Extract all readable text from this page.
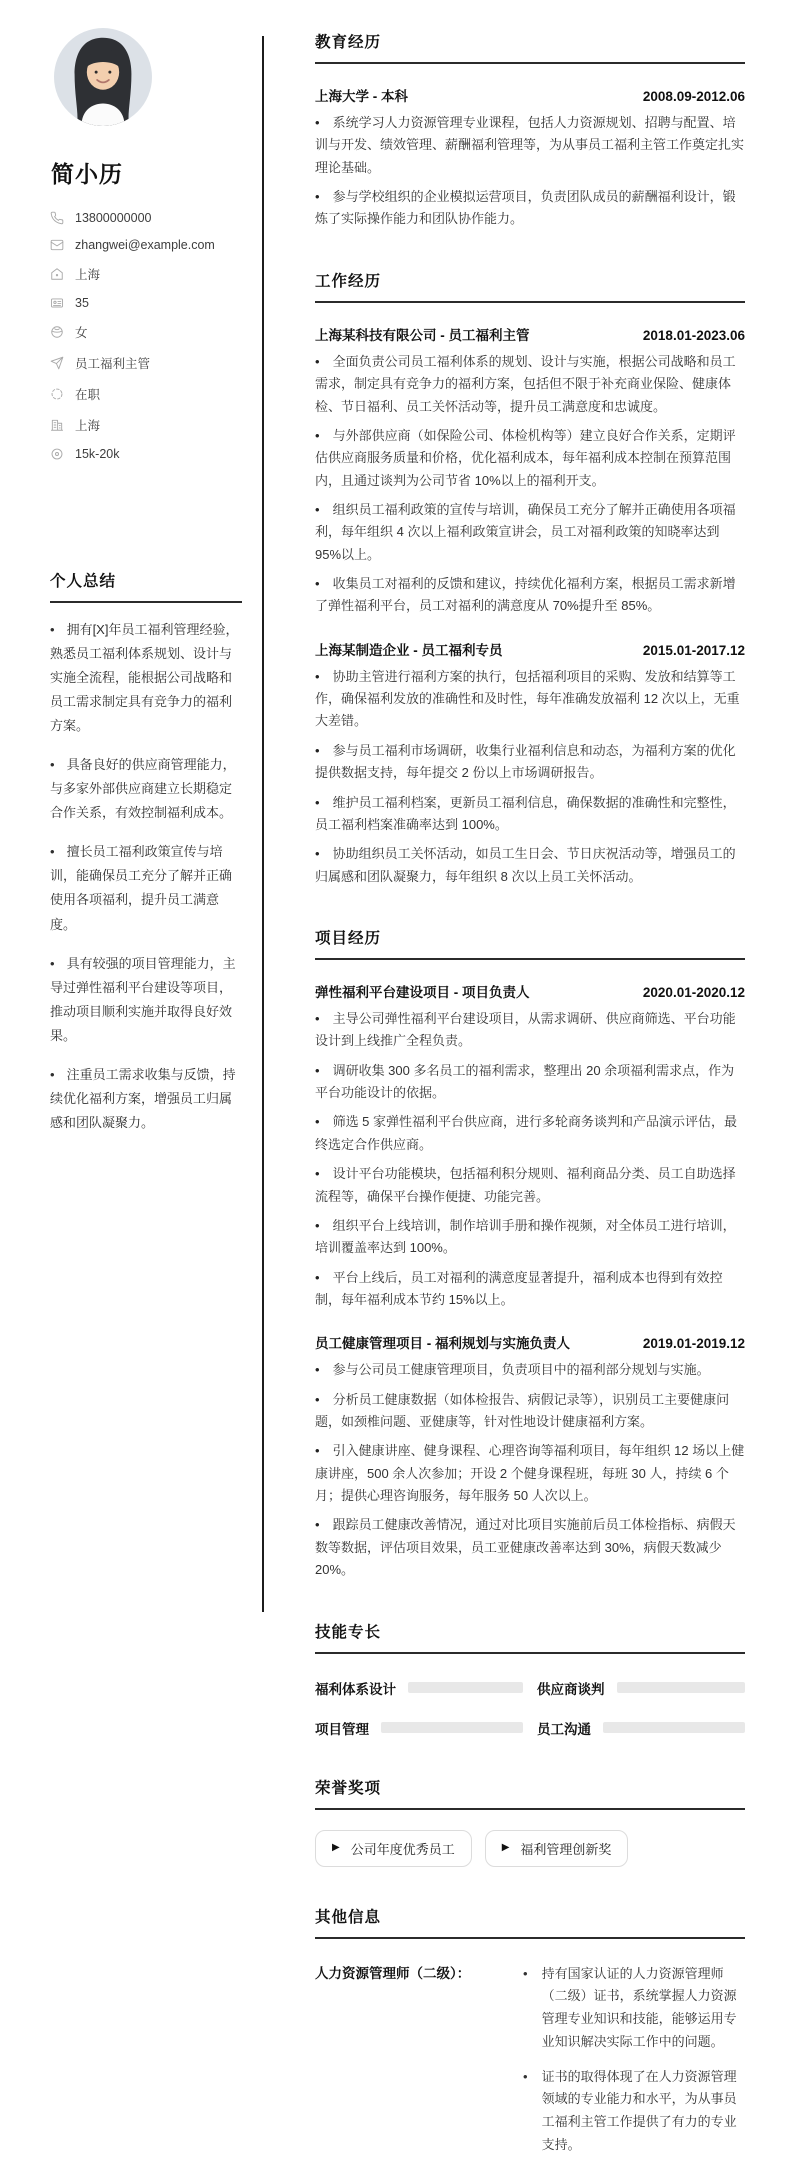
简小历
13800000000
zhangwei@example.com
上海
35
女
员工福利主管
在职
上海
15k-20k
个人总结
• 拥有[X]年员工福利管理经验，熟悉员工福利体系规划、设计与实施全流程，能根据公司战略和员工需求制定具有竞争力的福利方案。
• 具备良好的供应商管理能力，与多家外部供应商建立长期稳定合作关系，有效控制福利成本。
• 擅长员工福利政策宣传与培训，能确保员工充分了解并正确使用各项福利，提升员工满意度。
• 具有较强的项目管理能力，主导过弹性福利平台建设等项目，推动项目顺利实施并取得良好效果。
• 注重员工需求收集与反馈，持续优化福利方案，增强员工归属感和团队凝聚力。
教育经历
上海大学 - 本科	2008.09-2012.06
• 系统学习人力资源管理专业课程，包括人力资源规划、招聘与配置、培训与开发、绩效管理、薪酬福利管理等，为从事员工福利主管工作奠定扎实理论基础。
• 参与学校组织的企业模拟运营项目，负责团队成员的薪酬福利设计，锻炼了实际操作能力和团队协作能力。
工作经历
上海某科技有限公司 - 员工福利主管	2018.01-2023.06
• 全面负责公司员工福利体系的规划、设计与实施，根据公司战略和员工需求，制定具有竞争力的福利方案，包括但不限于补充商业保险、健康体检、节日福利、员工关怀活动等，提升员工满意度和忠诚度。
• 与外部供应商（如保险公司、体检机构等）建立良好合作关系，定期评估供应商服务质量和价格，优化福利成本，每年福利成本控制在预算范围内，且通过谈判为公司节省 10%以上的福利开支。
• 组织员工福利政策的宣传与培训，确保员工充分了解并正确使用各项福利，每年组织 4 次以上福利政策宣讲会，员工对福利政策的知晓率达到 95%以上。
• 收集员工对福利的反馈和建议，持续优化福利方案，根据员工需求新增了弹性福利平台，员工对福利的满意度从 70%提升至 85%。
上海某制造企业 - 员工福利专员	2015.01-2017.12
• 协助主管进行福利方案的执行，包括福利项目的采购、发放和结算等工作，确保福利发放的准确性和及时性，每年准确发放福利 12 次以上，无重大差错。
• 参与员工福利市场调研，收集行业福利信息和动态，为福利方案的优化提供数据支持，每年提交 2 份以上市场调研报告。
• 维护员工福利档案，更新员工福利信息，确保数据的准确性和完整性，员工福利档案准确率达到 100%。
• 协助组织员工关怀活动，如员工生日会、节日庆祝活动等，增强员工的归属感和团队凝聚力，每年组织 8 次以上员工关怀活动。
项目经历
弹性福利平台建设项目 - 项目负责人	2020.01-2020.12
• 主导公司弹性福利平台建设项目，从需求调研、供应商筛选、平台功能设计到上线推广全程负责。
• 调研收集 300 多名员工的福利需求，整理出 20 余项福利需求点，作为平台功能设计的依据。
• 筛选 5 家弹性福利平台供应商，进行多轮商务谈判和产品演示评估，最终选定合作供应商。
• 设计平台功能模块，包括福利积分规则、福利商品分类、员工自助选择流程等，确保平台操作便捷、功能完善。
• 组织平台上线培训，制作培训手册和操作视频，对全体员工进行培训，培训覆盖率达到 100%。
• 平台上线后，员工对福利的满意度显著提升，福利成本也得到有效控制，每年福利成本节约 15%以上。
员工健康管理项目 - 福利规划与实施负责人	2019.01-2019.12
• 参与公司员工健康管理项目，负责项目中的福利部分规划与实施。
• 分析员工健康数据（如体检报告、病假记录等），识别员工主要健康问题，如颈椎问题、亚健康等，针对性地设计健康福利方案。
• 引入健康讲座、健身课程、心理咨询等福利项目，每年组织 12 场以上健康讲座，500 余人次参加；开设 2 个健身课程班，每班 30 人，持续 6 个月；提供心理咨询服务，每年服务 50 人次以上。
• 跟踪员工健康改善情况，通过对比项目实施前后员工体检指标、病假天数等数据，评估项目效果，员工亚健康改善率达到 30%，病假天数减少 20%。
技能专长
福利体系设计	供应商谈判
项目管理	员工沟通
荣誉奖项
▶ 公司年度优秀员工	▶ 福利管理创新奖
其他信息
人力资源管理师（二级）：	• 持有国家认证的人力资源管理师（二级）证书，系统掌握人力资源管理专业知识和技能，能够运用专业知识解决实际工作中的问题。
• 证书的取得体现了在人力资源管理领域的专业能力和水平，为从事员工福利主管工作提供了有力的专业支持。
